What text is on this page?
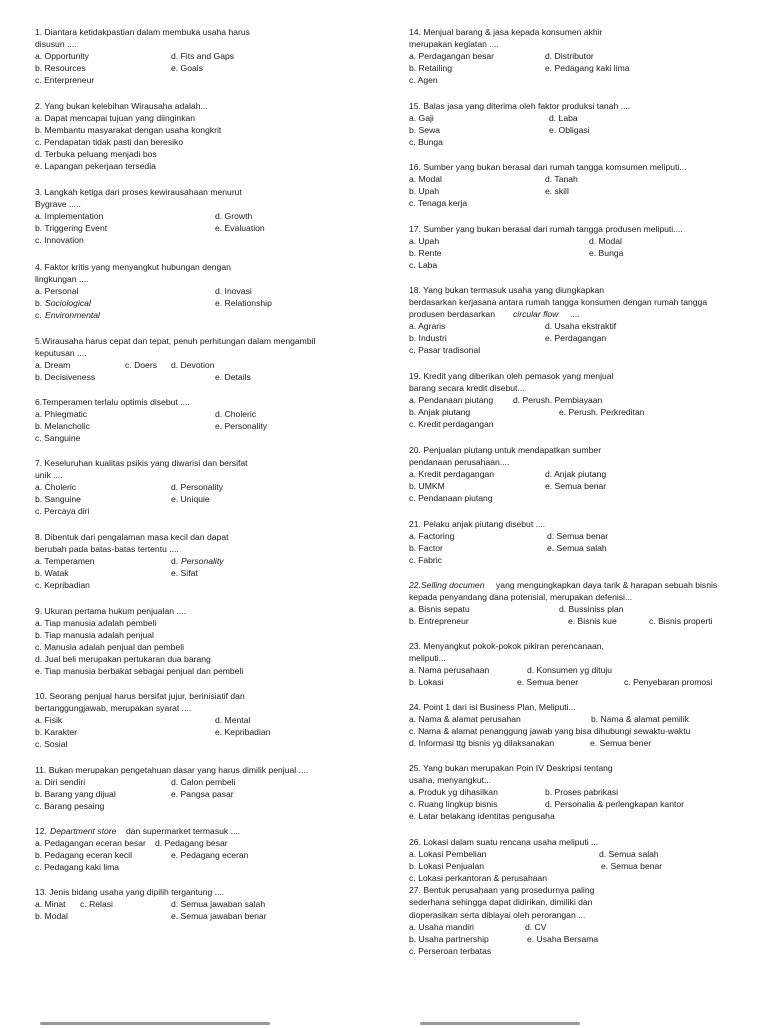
1. Diantara ketidakpastian dalam membuka usaha harus
disusun ....
a. Opportunity	d. Fits and Gaps
b. Resources	e. Goals
c. Enterpreneur
2. Yang bukan kelebihan Wirausaha adalah...
a. Dapat mencapai tujuan yang diinginkan
b. Membantu masyarakat dengan usaha kongkrit
c. Pendapatan tidak pasti dan beresiko
d. Terbuka peluang menjadi bos
e. Lapangan pekerjaan tersedia
3. Langkah ketiga dari proses kewirausahaan menurut
Bygrave .....
a. Implementation	d. Growth
b. Triggering Event	e. Evaluation
c. Innovation
4. Faktor kritis yang menyangkut hubungan dengan
lingkungan ....
a. Personal	d. Inovasi
b. Sociological	e. Relationship
c. Environmental
5.Wirausaha harus cepat dan tepat, penuh perhitungan dalam mengambil
keputusan ....
a. Dream	c. Doers d. Devotion
b. Decisiveness	e. Details
6.Temperamen terlalu optimis disebut ....
a. Phlegmatic	d. Choleric
b. Melancholic	e. Personality
c. Sanguine
7. Keseluruhan kualitas psikis yang diwarisi dan bersifat
unik ....
a. Choleric	d. Personality
b. Sanguine	e. Uniquie
c. Percaya diri
8. Dibentuk dari pengalaman masa kecil dan dapat
berubah pada batas-batas tertentu ....
a. Temperamen	d. Personality
b. Watak	e. Sifat
c. Kepribadian
9. Ukuran pertama hukum penjualan ....
a. Tiap manusia adalah pembeli
b. Tiap manusia adalah penjual
c. Manusia adalah penjual dan pembeli
d. Jual beli merupakan pertukaran dua barang
e. Tiap manusia berbakat sebagai penjual dan pembeli
10. Seorang penjual harus bersifat jujur, berinisiatif dan
bertanggungjawab, merupakan syarat ....
a. Fisik	d. Mental
b. Karakter	e. Kepribadian
c. Sosial
11. Bukan merupakan pengetahuan dasar yang harus dimilik penjual ....
a. Diri sendiri	d. Calon pembeli
b. Barang yang dijual	e. Pangsa pasar
c. Barang pesaing
12. Department store dan supermarket termasuk ....
a. Pedagangan eceran besar d. Pedagang besar
b. Pedagang eceran kecil	e. Pedagang eceran
c. Pedagang kaki lima
13. Jenis bidang usaha yang dipilih tergantung ....
a. Minat c. Relasi	d. Semua jawaban salah
b. Modal	e. Semua jawaban benar
14. Menjual barang & jasa kepada konsumen akhir
merupakan kegiatan ....
a. Perdagangan besar	d. Distributor
b. Retailing	e. Pedagang kaki lima
c. Agen
15. Balas jasa yang diterima oleh faktor produksi tanah ....
a. Gaji	d. Laba
b. Sewa	e. Obligasi
c. Bunga
16. Sumber yang bukan berasal dari rumah tangga komsumen meliputi...
a. Modal	d. Tanah
b. Upah	e. skill
c. Tenaga kerja
17. Sumber yang bukan berasal dari rumah tangga produsen meliputi....
a. Upah	d. Modal
b. Rente	e. Bunga
c. Laba
18. Yang bukan termasuk usaha yang diungkapkan
berdasarkan kerjasana antara rumah tangga konsumen dengan rumah tangga
produsen berdasarkan circular flow ....
a. Agraris	d. Usaha ekstraktif
b. Industri	e. Perdagangan
c. Pasar tradisonal
19. Kredit yang diberikan oleh pemasok yang menjual
barang secara kredit disebut...
a. Pendanaan piutang d. Perush. Pembiayaan
b. Anjak piutang	e. Perush. Perkreditan
c. Kredit perdagangan
20. Penjualan piutang untuk mendapatkan sumber
pendanaan perusahaan....
a. Kredit perdagangan	d. Anjak piutang
b. UMKM	e. Semua benar
c. Pendanaan piutang
21. Pelaku anjak piutang disebut ....
a. Factoring	d. Semua benar
b. Factor	e. Semua salah
c. Fabric
22.Selling documen yang mengungkapkan daya tarik & harapan sebuah bisnis
kepada penyandang dana potensial, merupakan defenisi...
a. Bisnis sepatu	d. Bussiniss plan
b. Entrepreneur	e. Bisnis kue	c. Bisnis properti
23. Menyangkut pokok-pokok pikiran perencanaan,
meliputi...
a. Nama perusahaan	d. Konsumen yg dituju
b. Lokasi	e. Semua bener	c. Penyebaran promosi
24. Point 1 dari isi Business Plan, Meliputi...
a. Nama & alamat perusahan	b. Nama & alamat pemilik
c. Nama & alamat penanggung jawab yang bisa dihubungi sewaktu-waktu
d. Informasi ttg bisnis yg dilaksanakan	e. Semua bener
25. Yang bukan merupakan Poin IV Deskripsi tentang
usaha, menyangkut...
a. Produk yg dihasilkan	b. Proses pabrikasi
c. Ruang lingkup bisnis	d. Personalia & perlengkapan kantor
e. Latar belakang identitas pengusaha
26. Lokasi dalam suatu rencana usaha meliputi ...
a. Lokasi Pembelian	d. Semua salah
b. Lokasi Penjualan	e. Semua benar
c. Lokasi perkantoran & perusahaan
27. Bentuk perusahaan yang prosedurnya paling
sederhana sehingga dapat didirikan, dimiliki dan
dioperasikan serta dibiayai oleh perorangan ...
a. Usaha mandiri	d. CV
b. Usaha partnership	e. Usaha Bersama
c. Perseroan terbatas
